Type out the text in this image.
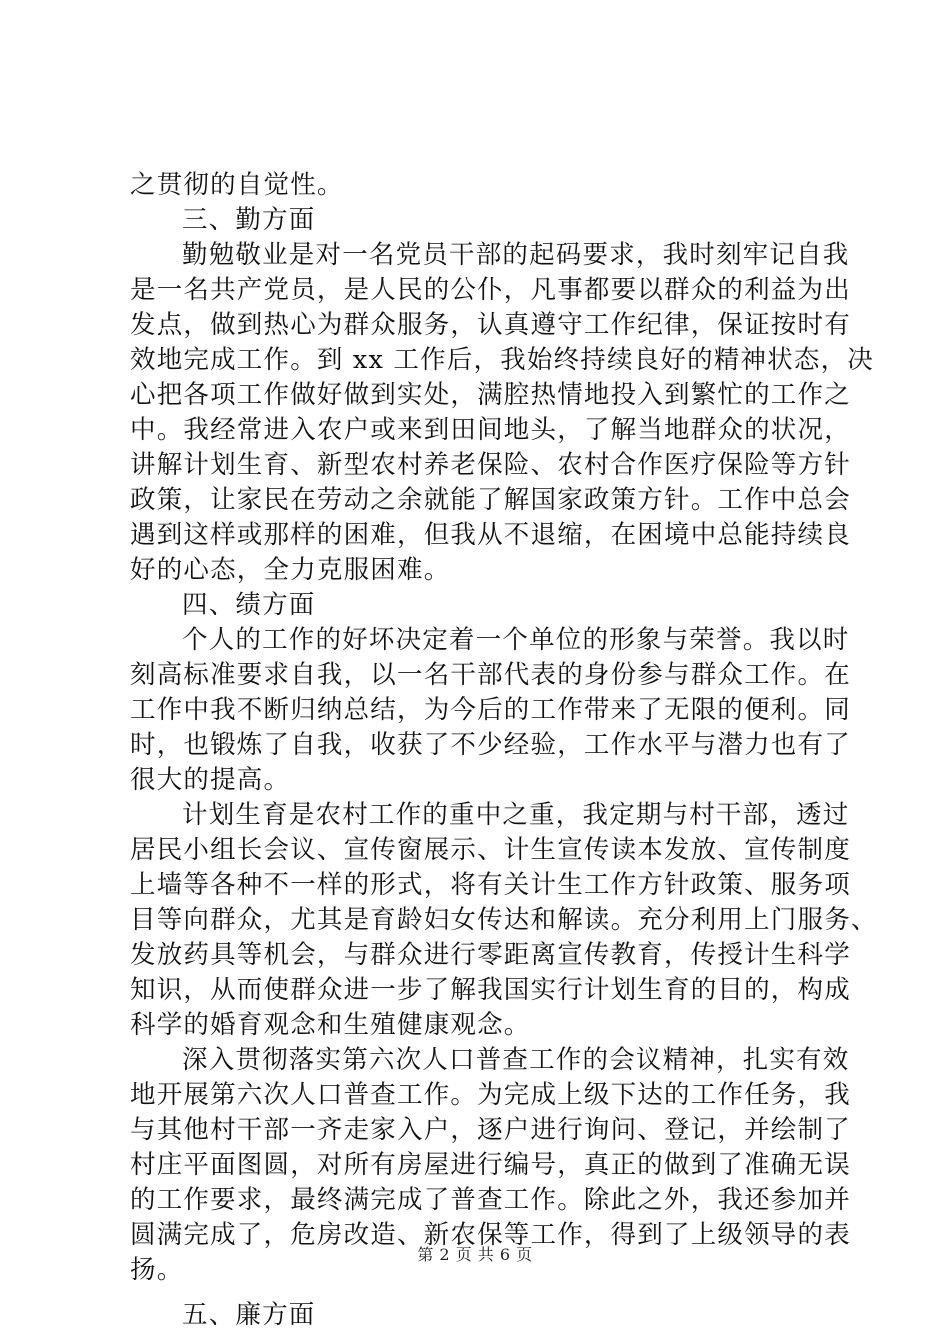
之贯彻的自觉性。
三、勤方面
勤勉敬业是对一名党员干部的起码要求，我时刻牢记自我
是一名共产党员，是人民的公仆，凡事都要以群众的利益为出
发点，做到热心为群众服务，认真遵守工作纪律，保证按时有
效地完成工作。到 xx 工作后，我始终持续良好的精神状态，决
心把各项工作做好做到实处，满腔热情地投入到繁忙的工作之
中。我经常进入农户或来到田间地头，了解当地群众的状况，
讲解计划生育、新型农村养老保险、农村合作医疗保险等方针
政策，让家民在劳动之余就能了解国家政策方针。工作中总会
遇到这样或那样的困难，但我从不退缩，在困境中总能持续良
好的心态，全力克服困难。
四、绩方面
个人的工作的好坏决定着一个单位的形象与荣誉。我以时
刻高标准要求自我，以一名干部代表的身份参与群众工作。在
工作中我不断归纳总结，为今后的工作带来了无限的便利。同
时，也锻炼了自我，收获了不少经验，工作水平与潜力也有了
很大的提高。
计划生育是农村工作的重中之重，我定期与村干部，透过
居民小组长会议、宣传窗展示、计生宣传读本发放、宣传制度
上墙等各种不一样的形式，将有关计生工作方针政策、服务项
目等向群众，尤其是育龄妇女传达和解读。充分利用上门服务、
发放药具等机会，与群众进行零距离宣传教育，传授计生科学
知识，从而使群众进一步了解我国实行计划生育的目的，构成
科学的婚育观念和生殖健康观念。
深入贯彻落实第六次人口普查工作的会议精神，扎实有效
地开展第六次人口普查工作。为完成上级下达的工作任务，我
与其他村干部一齐走家入户，逐户进行询问、登记，并绘制了
村庄平面图圆，对所有房屋进行编号，真正的做到了准确无误
的工作要求，最终满完成了普查工作。除此之外，我还参加并
圆满完成了，危房改造、新农保等工作，得到了上级领导的表
扬。
五、廉方面
第 2 页 共 6 页
